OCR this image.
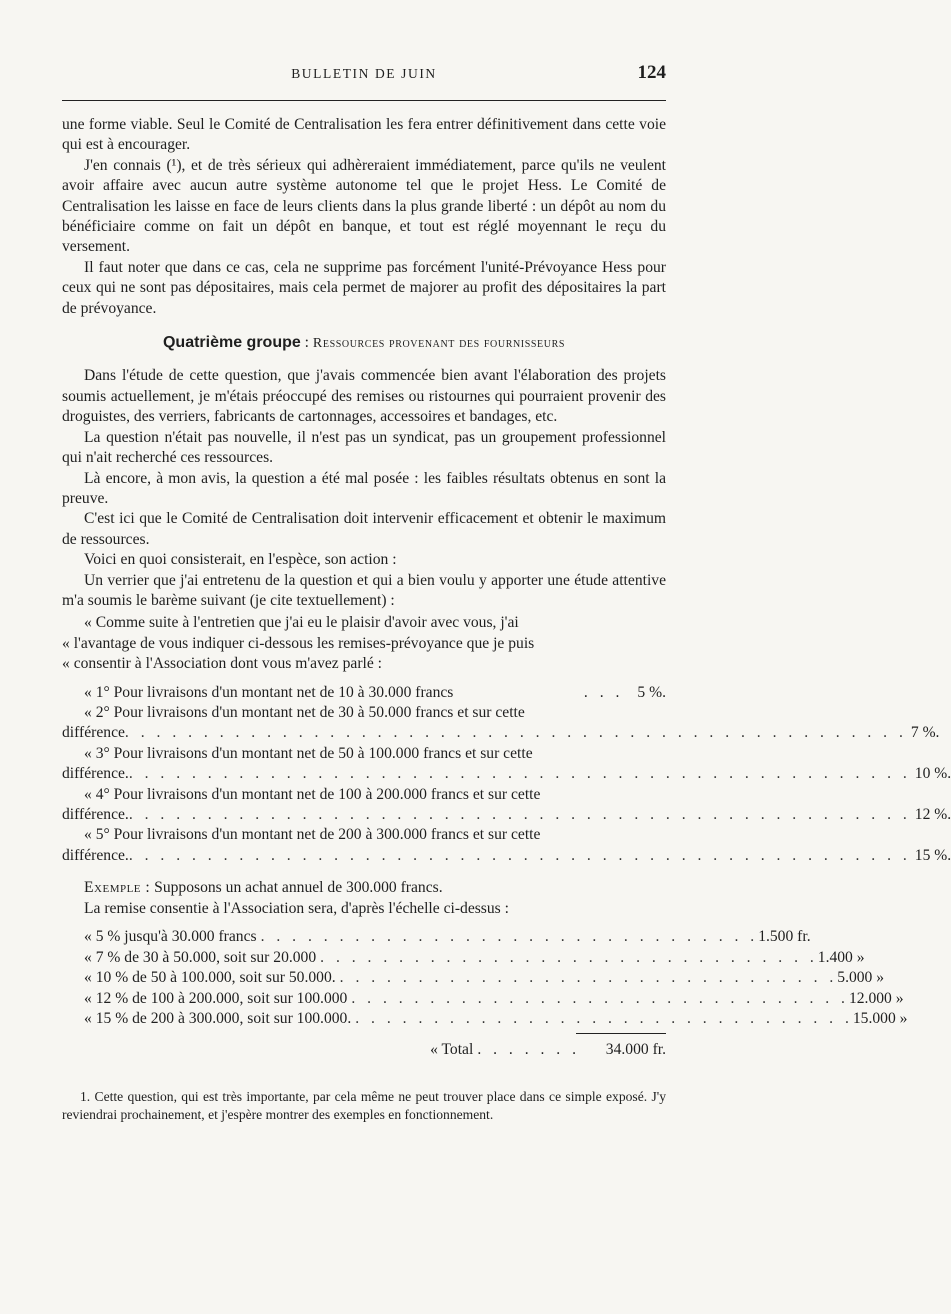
BULLETIN DE JUIN	124

une forme viable. Seul le Comité de Centralisation les fera entrer définitivement dans cette voie qui est à encourager.

J'en connais (¹), et de très sérieux qui adhèreraient immédiatement, parce qu'ils ne veulent avoir affaire avec aucun autre système autonome tel que le projet Hess. Le Comité de Centralisation les laisse en face de leurs clients dans la plus grande liberté : un dépôt au nom du bénéficiaire comme on fait un dépôt en banque, et tout est réglé moyennant le reçu du versement.

Il faut noter que dans ce cas, cela ne supprime pas forcément l'unité-Prévoyance Hess pour ceux qui ne sont pas dépositaires, mais cela permet de majorer au profit des dépositaires la part de prévoyance.

Quatrième groupe : Ressources provenant des fournisseurs

Dans l'étude de cette question, que j'avais commencée bien avant l'élaboration des projets soumis actuellement, je m'étais préoccupé des remises ou ristournes qui pourraient provenir des droguistes, des verriers, fabricants de cartonnages, accessoires et bandages, etc.

La question n'était pas nouvelle, il n'est pas un syndicat, pas un groupement professionnel qui n'ait recherché ces ressources.

Là encore, à mon avis, la question a été mal posée : les faibles résultats obtenus en sont la preuve.

C'est ici que le Comité de Centralisation doit intervenir efficacement et obtenir le maximum de ressources.

Voici en quoi consisterait, en l'espèce, son action :

Un verrier que j'ai entretenu de la question et qui a bien voulu y apporter une étude attentive m'a soumis le barème suivant (je cite textuellement) :

« Comme suite à l'entretien que j'ai eu le plaisir d'avoir avec vous, j'ai

« l'avantage de vous indiquer ci-dessous les remises-prévoyance que je puis

« consentir à l'Association dont vous m'avez parlé :

« 1° Pour livraisons d'un montant net de 10 à 30.000 francs	. . . 5 %.
« 2° Pour livraisons d'un montant net de 30 à 50.000 francs et sur cette
différence . . . . . . . . . . . . . . . . . . . . . . . . . . . . . . . . . . . . . . . . . . . . . . . . . . 7 %.
« 3° Pour livraisons d'un montant net de 50 à 100.000 francs et sur cette
différence. . . . . . . . . . . . . . . . . . . . . . . . . . . . . . . . . . . . . . . . . . . . . . . . . . . 10 %.
« 4° Pour livraisons d'un montant net de 100 à 200.000 francs et sur cette
différence. . . . . . . . . . . . . . . . . . . . . . . . . . . . . . . . . . . . . . . . . . . . . . . . . . . 12 %.
« 5° Pour livraisons d'un montant net de 200 à 300.000 francs et sur cette
différence. . . . . . . . . . . . . . . . . . . . . . . . . . . . . . . . . . . . . . . . . . . . . . . . . . . 15 %.

Exemple : Supposons un achat annuel de 300.000 francs.

La remise consentie à l'Association sera, d'après l'échelle ci-dessus :

« 5 % jusqu'à 30.000 francs . . . . . . . . . . . . . . . . . . . . . . . . . . . . . . . . 1.500 fr.
« 7 % de 30 à 50.000, soit sur 20.000 . . . . . . . . . . . . . . . . . . . . . . . . . . . . . . . . 1.400 »
« 10 % de 50 à 100.000, soit sur 50.000. . . . . . . . . . . . . . . . . . . . . . . . . . . . . . . . . 5.000 »
« 12 % de 100 à 200.000, soit sur 100.000 . . . . . . . . . . . . . . . . . . . . . . . . . . . . . . . . 12.000 »
« 15 % de 200 à 300.000, soit sur 100.000. . . . . . . . . . . . . . . . . . . . . . . . . . . . . . . . . 15.000 »
« Total . . . . . . .	34.000 fr.

1. Cette question, qui est très importante, par cela même ne peut trouver place dans ce simple exposé. J'y reviendrai prochainement, et j'espère montrer des exemples en fonctionnement.
